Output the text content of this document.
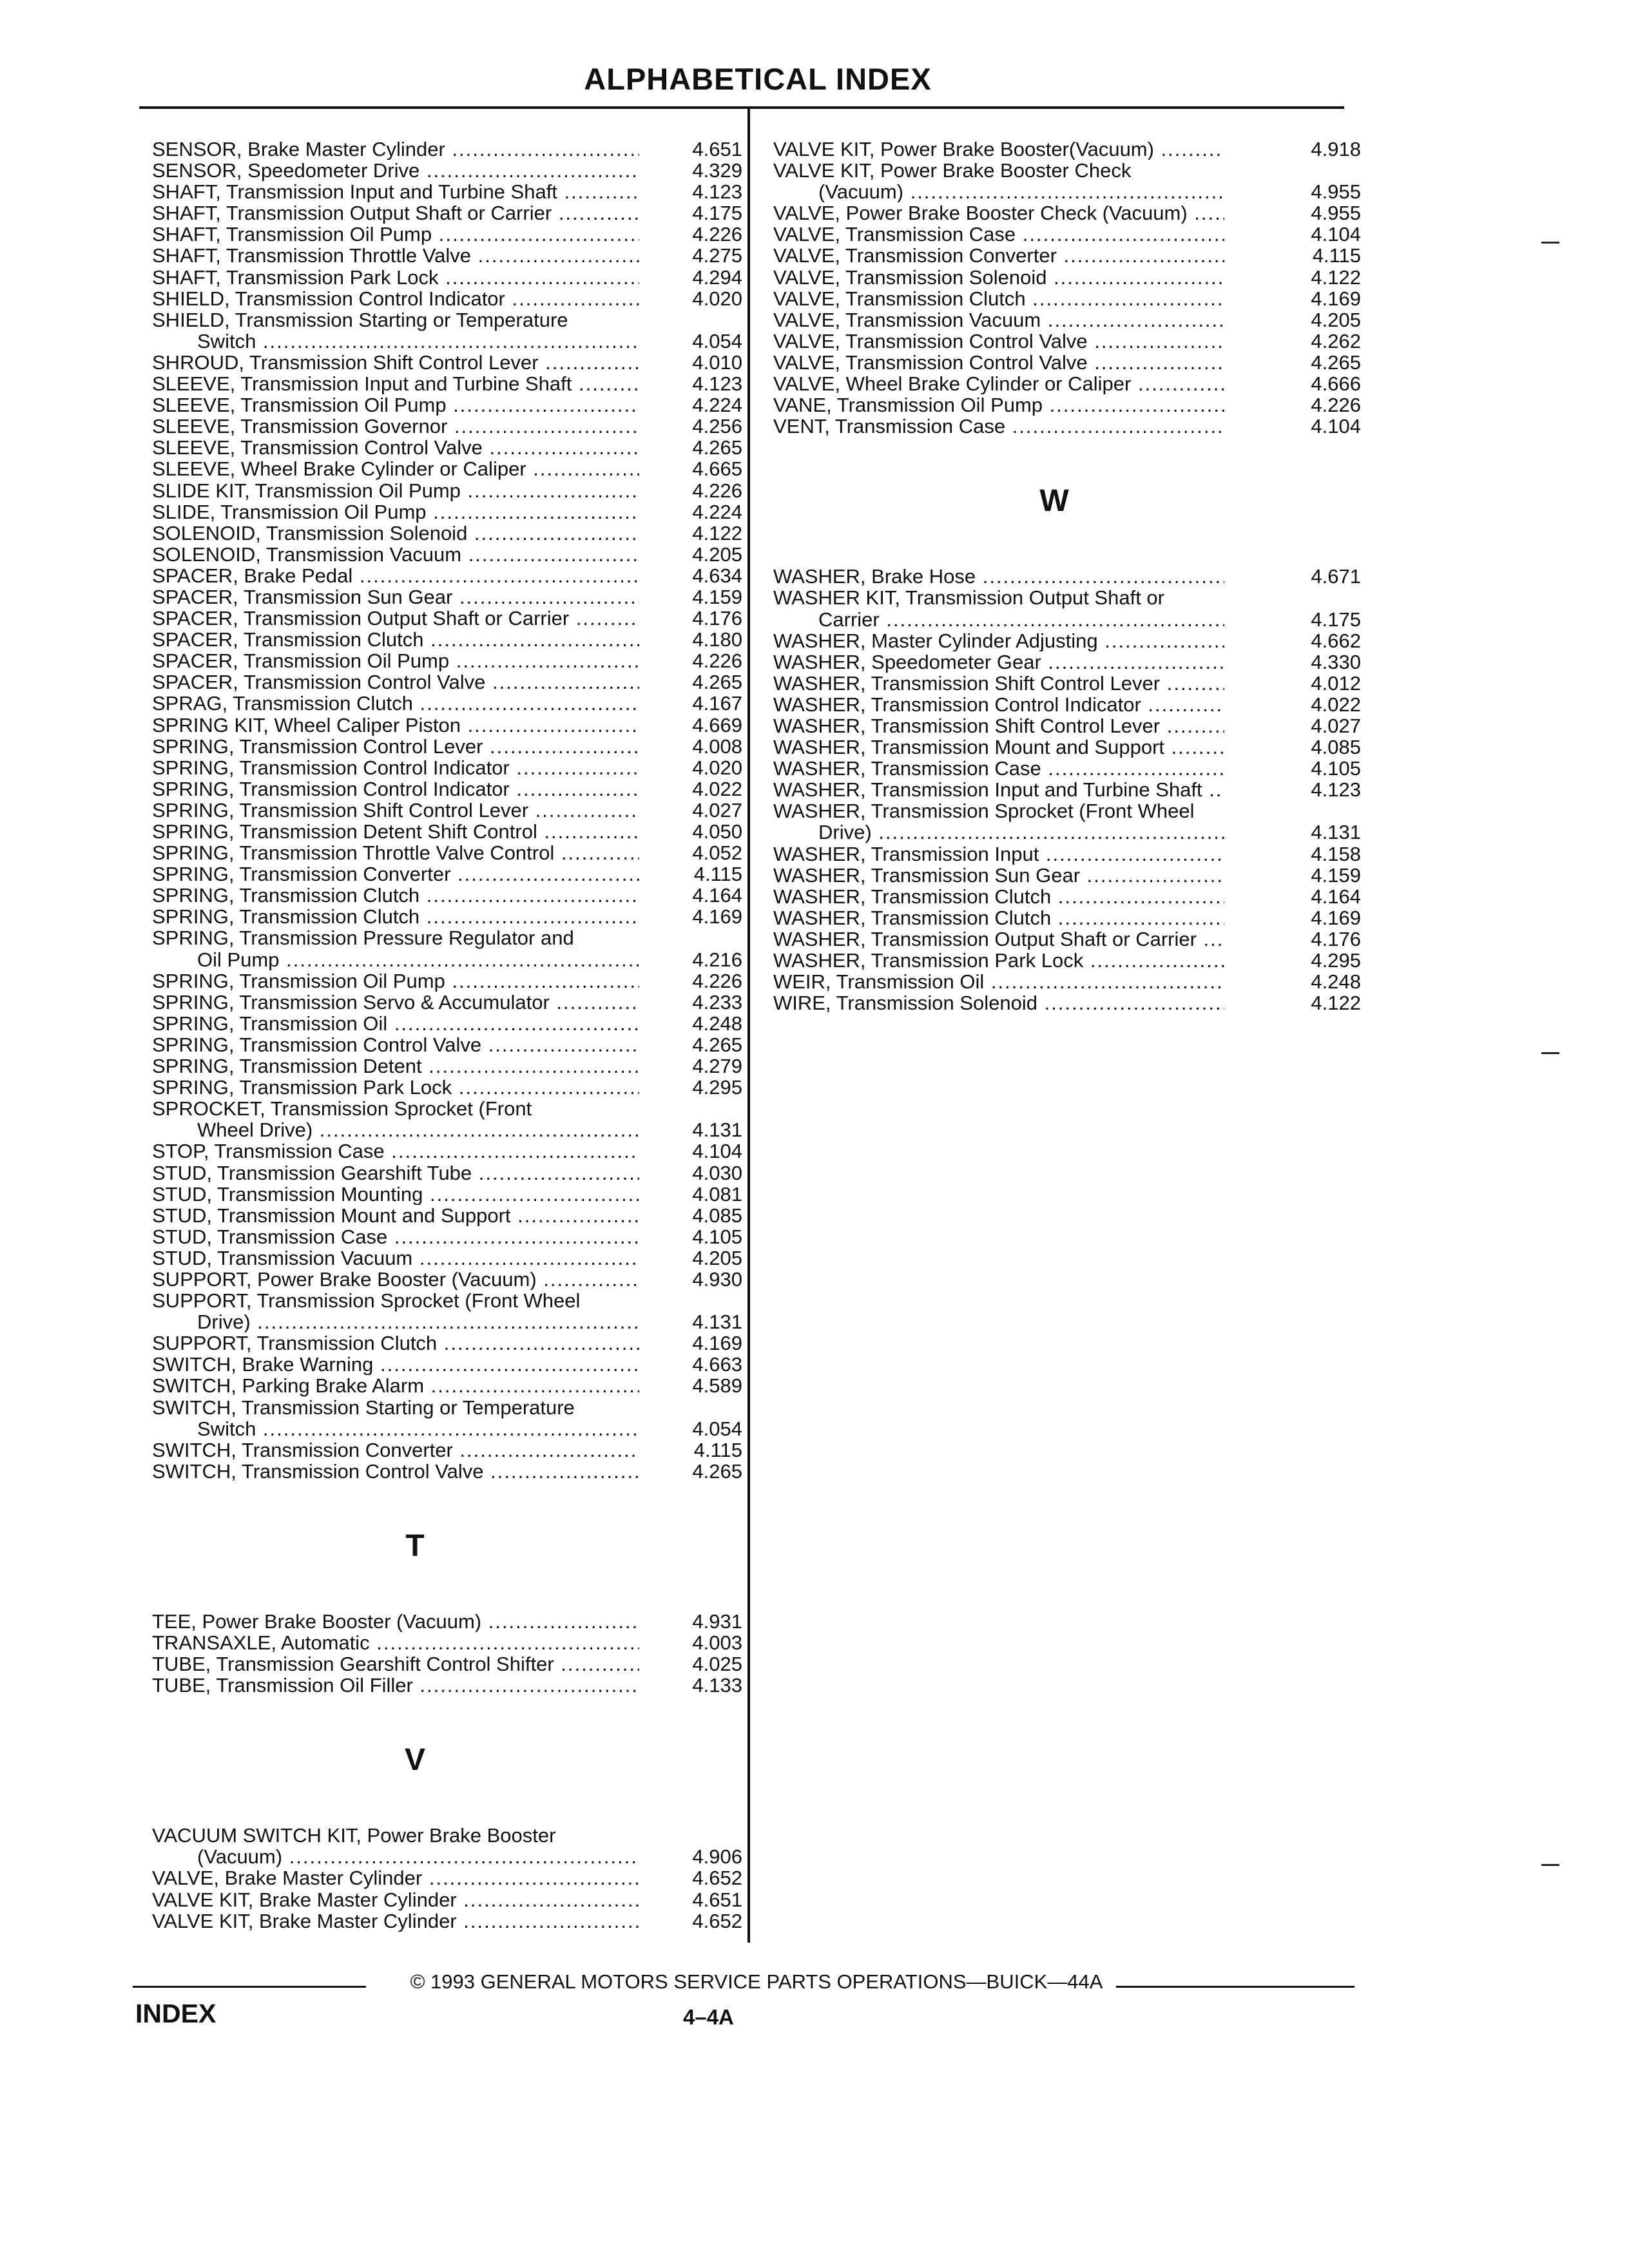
ALPHABETICAL INDEX
SENSOR, Brake Master Cylinder .....	4.651
SENSOR, Speedometer Drive .....	4.329
SHAFT, Transmission Input and Turbine Shaft .....	4.123
SHAFT, Transmission Output Shaft or Carrier .....	4.175
SHAFT, Transmission Oil Pump .....	4.226
SHAFT, Transmission Throttle Valve .....	4.275
SHAFT, Transmission Park Lock .....	4.294
SHIELD, Transmission Control Indicator .....	4.020
SHIELD, Transmission Starting or Temperature
Switch .....	4.054
SHROUD, Transmission Shift Control Lever .....	4.010
SLEEVE, Transmission Input and Turbine Shaft .....	4.123
SLEEVE, Transmission Oil Pump .....	4.224
SLEEVE, Transmission Governor .....	4.256
SLEEVE, Transmission Control Valve .....	4.265
SLEEVE, Wheel Brake Cylinder or Caliper .....	4.665
SLIDE KIT, Transmission Oil Pump .....	4.226
SLIDE, Transmission Oil Pump .....	4.224
SOLENOID, Transmission Solenoid .....	4.122
SOLENOID, Transmission Vacuum .....	4.205
SPACER, Brake Pedal .....	4.634
SPACER, Transmission Sun Gear .....	4.159
SPACER, Transmission Output Shaft or Carrier .....	4.176
SPACER, Transmission Clutch .....	4.180
SPACER, Transmission Oil Pump .....	4.226
SPACER, Transmission Control Valve .....	4.265
SPRAG, Transmission Clutch .....	4.167
SPRING KIT, Wheel Caliper Piston .....	4.669
SPRING, Transmission Control Lever .....	4.008
SPRING, Transmission Control Indicator .....	4.020
SPRING, Transmission Control Indicator .....	4.022
SPRING, Transmission Shift Control Lever .....	4.027
SPRING, Transmission Detent Shift Control .....	4.050
SPRING, Transmission Throttle Valve Control .....	4.052
SPRING, Transmission Converter .....	4.115
SPRING, Transmission Clutch .....	4.164
SPRING, Transmission Clutch .....	4.169
SPRING, Transmission Pressure Regulator and
Oil Pump .....	4.216
SPRING, Transmission Oil Pump .....	4.226
SPRING, Transmission Servo & Accumulator .....	4.233
SPRING, Transmission Oil .....	4.248
SPRING, Transmission Control Valve .....	4.265
SPRING, Transmission Detent .....	4.279
SPRING, Transmission Park Lock .....	4.295
SPROCKET, Transmission Sprocket (Front
Wheel Drive) .....	4.131
STOP, Transmission Case .....	4.104
STUD, Transmission Gearshift Tube .....	4.030
STUD, Transmission Mounting .....	4.081
STUD, Transmission Mount and Support .....	4.085
STUD, Transmission Case .....	4.105
STUD, Transmission Vacuum .....	4.205
SUPPORT, Power Brake Booster (Vacuum) .....	4.930
SUPPORT, Transmission Sprocket (Front Wheel
Drive) .....	4.131
SUPPORT, Transmission Clutch .....	4.169
SWITCH, Brake Warning .....	4.663
SWITCH, Parking Brake Alarm .....	4.589
SWITCH, Transmission Starting or Temperature
Switch .....	4.054
SWITCH, Transmission Converter .....	4.115
SWITCH, Transmission Control Valve .....	4.265
T
TEE, Power Brake Booster (Vacuum) .....	4.931
TRANSAXLE, Automatic .....	4.003
TUBE, Transmission Gearshift Control Shifter .....	4.025
TUBE, Transmission Oil Filler .....	4.133
V
VACUUM SWITCH KIT, Power Brake Booster
(Vacuum) .....	4.906
VALVE, Brake Master Cylinder .....	4.652
VALVE KIT, Brake Master Cylinder .....	4.651
VALVE KIT, Brake Master Cylinder .....	4.652
VALVE KIT, Power Brake Booster(Vacuum) .....	4.918
VALVE KIT, Power Brake Booster Check
(Vacuum) .....	4.955
VALVE, Power Brake Booster Check (Vacuum) .....	4.955
VALVE, Transmission Case .....	4.104
VALVE, Transmission Converter .....	4.115
VALVE, Transmission Solenoid .....	4.122
VALVE, Transmission Clutch .....	4.169
VALVE, Transmission Vacuum .....	4.205
VALVE, Transmission Control Valve .....	4.262
VALVE, Transmission Control Valve .....	4.265
VALVE, Wheel Brake Cylinder or Caliper .....	4.666
VANE, Transmission Oil Pump .....	4.226
VENT, Transmission Case .....	4.104
W
WASHER, Brake Hose .....	4.671
WASHER KIT, Transmission Output Shaft or
Carrier .....	4.175
WASHER, Master Cylinder Adjusting .....	4.662
WASHER, Speedometer Gear .....	4.330
WASHER, Transmission Shift Control Lever .....	4.012
WASHER, Transmission Control Indicator .....	4.022
WASHER, Transmission Shift Control Lever .....	4.027
WASHER, Transmission Mount and Support .....	4.085
WASHER, Transmission Case .....	4.105
WASHER, Transmission Input and Turbine Shaft .....	4.123
WASHER, Transmission Sprocket (Front Wheel
Drive) .....	4.131
WASHER, Transmission Input .....	4.158
WASHER, Transmission Sun Gear .....	4.159
WASHER, Transmission Clutch .....	4.164
WASHER, Transmission Clutch .....	4.169
WASHER, Transmission Output Shaft or Carrier .....	4.176
WASHER, Transmission Park Lock .....	4.295
WEIR, Transmission Oil .....	4.248
WIRE, Transmission Solenoid .....	4.122
© 1993 GENERAL MOTORS SERVICE PARTS OPERATIONS—BUICK—44A
INDEX	4–4A
